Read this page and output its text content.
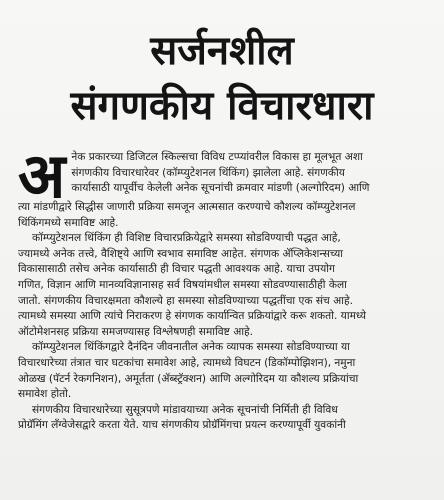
सर्जनशील
संगणकीय विचारधारा
अ नेक प्रकारच्या डिजिटल स्किल्सचा विविध टप्प्यांवरील विकास हा मूलभूत अशा
संगणकीय विचारधारेवर (कॉम्प्युटेशनल थिंकिंग) झालेला आहे. संगणकीय
कार्यासाठी यापूर्वीच केलेली अनेक सूचनांची क्रमवार मांडणी (अल्गोरिदम) आणि
त्या मांडणीद्वारे सिद्धीस जाणारी प्रक्रिया समजून आत्मसात करण्याचे कौशल्य कॉम्प्युटेशनल
थिंकिंगमध्ये समाविष्ट आहे.
कॉम्प्युटेशनल थिंकिंग ही विशिष्ट विचारप्रक्रियेद्वारे समस्या सोडविण्याची पद्धत आहे,
ज्यामध्ये अनेक तत्त्वे, वैशिष्ट्ये आणि स्वभाव समाविष्ट आहेत. संगणक ॲप्लिकेशन्सच्या
विकासासाठी तसेच अनेक कार्यासाठी ही विचार पद्धती आवश्यक आहे. याचा उपयोग
गणित, विज्ञान आणि मानव्यविज्ञानासह सर्व विषयांमधील समस्या सोडवण्यासाठीही केला
जातो. संगणकीय विचारक्षमता कौशल्ये हा समस्या सोडविण्याच्या पद्धतींचा एक संच आहे.
त्यामध्ये समस्या आणि त्यांचे निराकरण हे संगणक कार्यान्वित प्रक्रियांद्वारे करू शकतो. यामध्ये
ऑटोमेशनसह प्रक्रिया समजण्यासह विश्लेषणही समाविष्ट आहे.
कॉम्प्युटेशनल थिंकिंगद्वारे दैनंदिन जीवनातील अनेक व्यापक समस्या सोडविण्याच्या या
विचारधारेच्या तंत्रात चार घटकांचा समावेश आहे, त्यामध्ये विघटन (डिकॉम्पोझिशन), नमुना
ओळख (पॅटर्न रेकगनिशन), अमूर्तता (ॲब्स्ट्रॅक्शन) आणि अल्गोरिदम या कौशल्य प्रक्रियांचा
समावेश होतो.
संगणकीय विचारधारेच्या सुसूत्रपणे मांडावयाच्या अनेक सूचनांची निर्मिती ही विविध
प्रोग्रॅमिंग लँग्वेजेसद्वारे करता येते. याच संगणकीय प्रोग्रॅमिंगचा प्रयत्न करण्यापूर्वी युवकांनी
